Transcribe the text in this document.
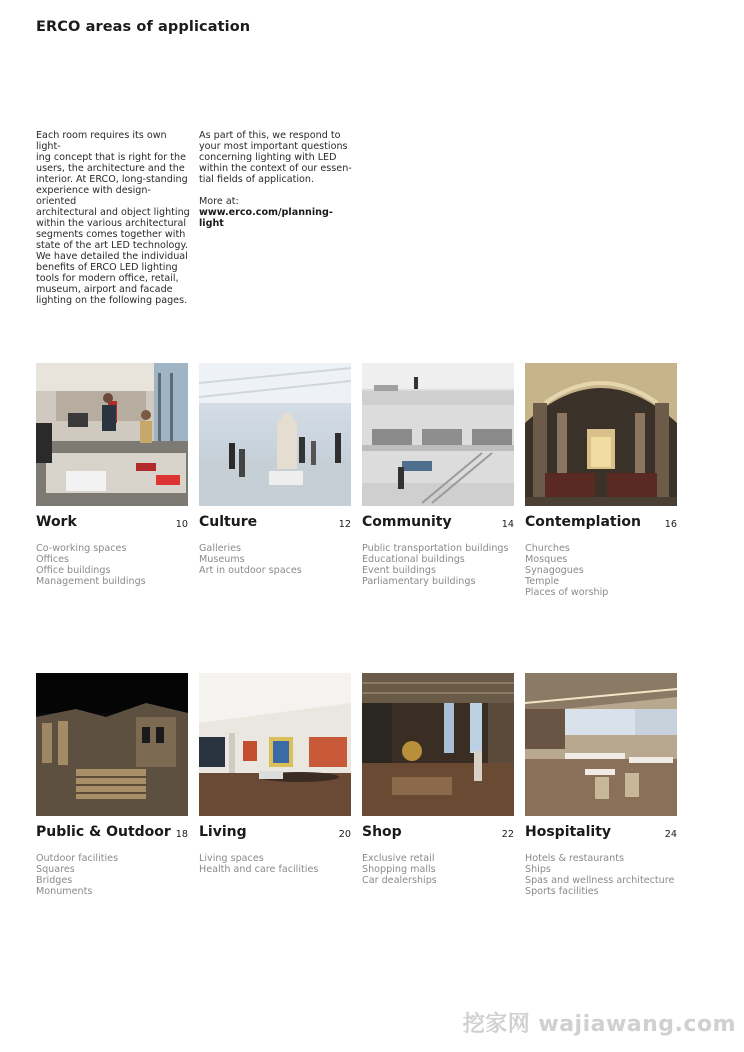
ERCO areas of application

Each room requires its own light-
ing concept that is right for the
users, the architecture and the
interior. At ERCO, long-standing
experience with design-oriented
architectural and object lighting
within the various architectural
segments comes together with
state of the art LED technology.
We have detailed the individual
benefits of ERCO LED lighting
tools for modern office, retail,
museum, airport and facade
lighting on the following pages.

As part of this, we respond to
your most important questions
concerning lighting with LED
within the context of our essen-
tial fields of application.

More at:

www.erco.com/planning-light

Work	10
Co-working spaces
Offices
Office buildings
Management buildings
Culture	12
Galleries
Museums
Art in outdoor spaces
Community	14
Public transportation buildings
Educational buildings
Event buildings
Parliamentary buildings
Contemplation 16
Churches
Mosques
Synagogues
Temple
Places of worship
Public & Outdoor 18
Outdoor facilities
Squares
Bridges
Monuments
Living	20
Living spaces
Health and care facilities
Shop	22
Exclusive retail
Shopping malls
Car dealerships
Hospitality	24
Hotels & restaurants
Ships
Spas and wellness architecture
Sports facilities
挖家网 wajiawang.com
